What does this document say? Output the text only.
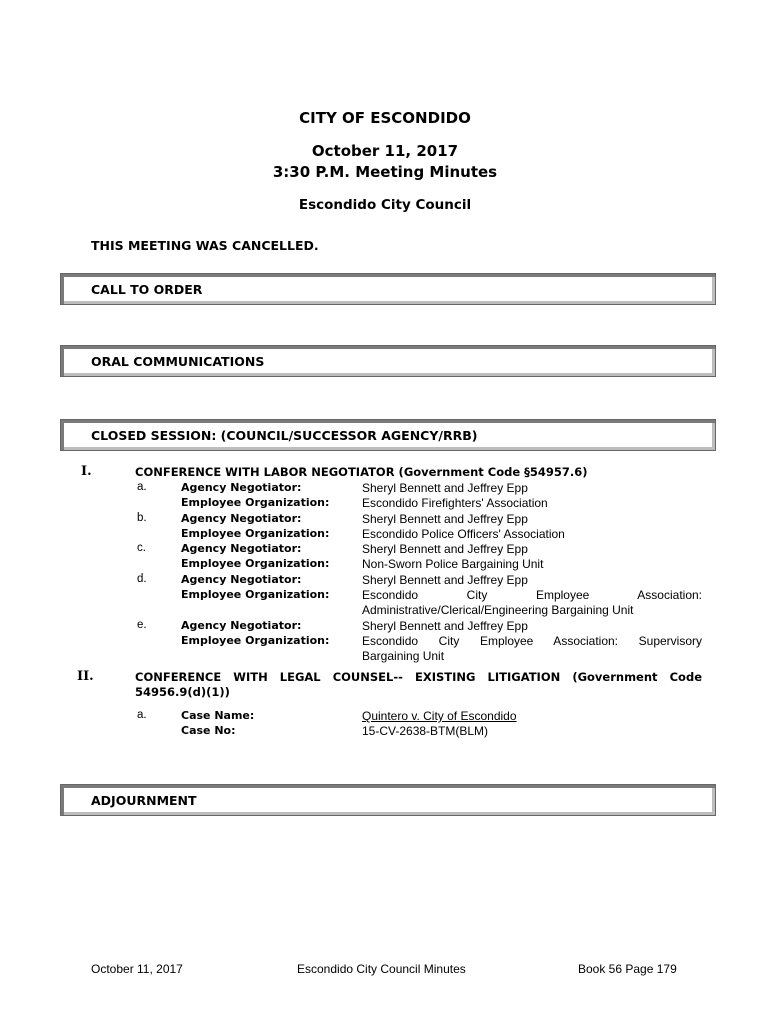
CITY OF ESCONDIDO
October 11, 2017
3:30 P.M. Meeting Minutes
Escondido City Council
THIS MEETING WAS CANCELLED.
CALL TO ORDER
ORAL COMMUNICATIONS
CLOSED SESSION: (COUNCIL/SUCCESSOR AGENCY/RRB)
I.	CONFERENCE WITH LABOR NEGOTIATOR (Government Code §54957.6)
a.	Agency Negotiator:	Sheryl Bennett and Jeffrey Epp
Employee Organization:	Escondido Firefighters' Association
b.	Agency Negotiator:	Sheryl Bennett and Jeffrey Epp
Employee Organization:	Escondido Police Officers' Association
c.	Agency Negotiator:	Sheryl Bennett and Jeffrey Epp
Employee Organization:	Non-Sworn Police Bargaining Unit
d.	Agency Negotiator:	Sheryl Bennett and Jeffrey Epp
Employee Organization:	Escondido City Employee Association:
Administrative/Clerical/Engineering Bargaining Unit
e.	Agency Negotiator:	Sheryl Bennett and Jeffrey Epp
Employee Organization:	Escondido City Employee Association: Supervisory
Bargaining Unit
II.	CONFERENCE WITH LEGAL COUNSEL-- EXISTING LITIGATION (Government Code
54956.9(d)(1))
a.	Case Name:	Quintero v. City of Escondido
Case No:	15-CV-2638-BTM(BLM)
ADJOURNMENT
October 11, 2017	Escondido City Council Minutes	Book 56 Page 179
